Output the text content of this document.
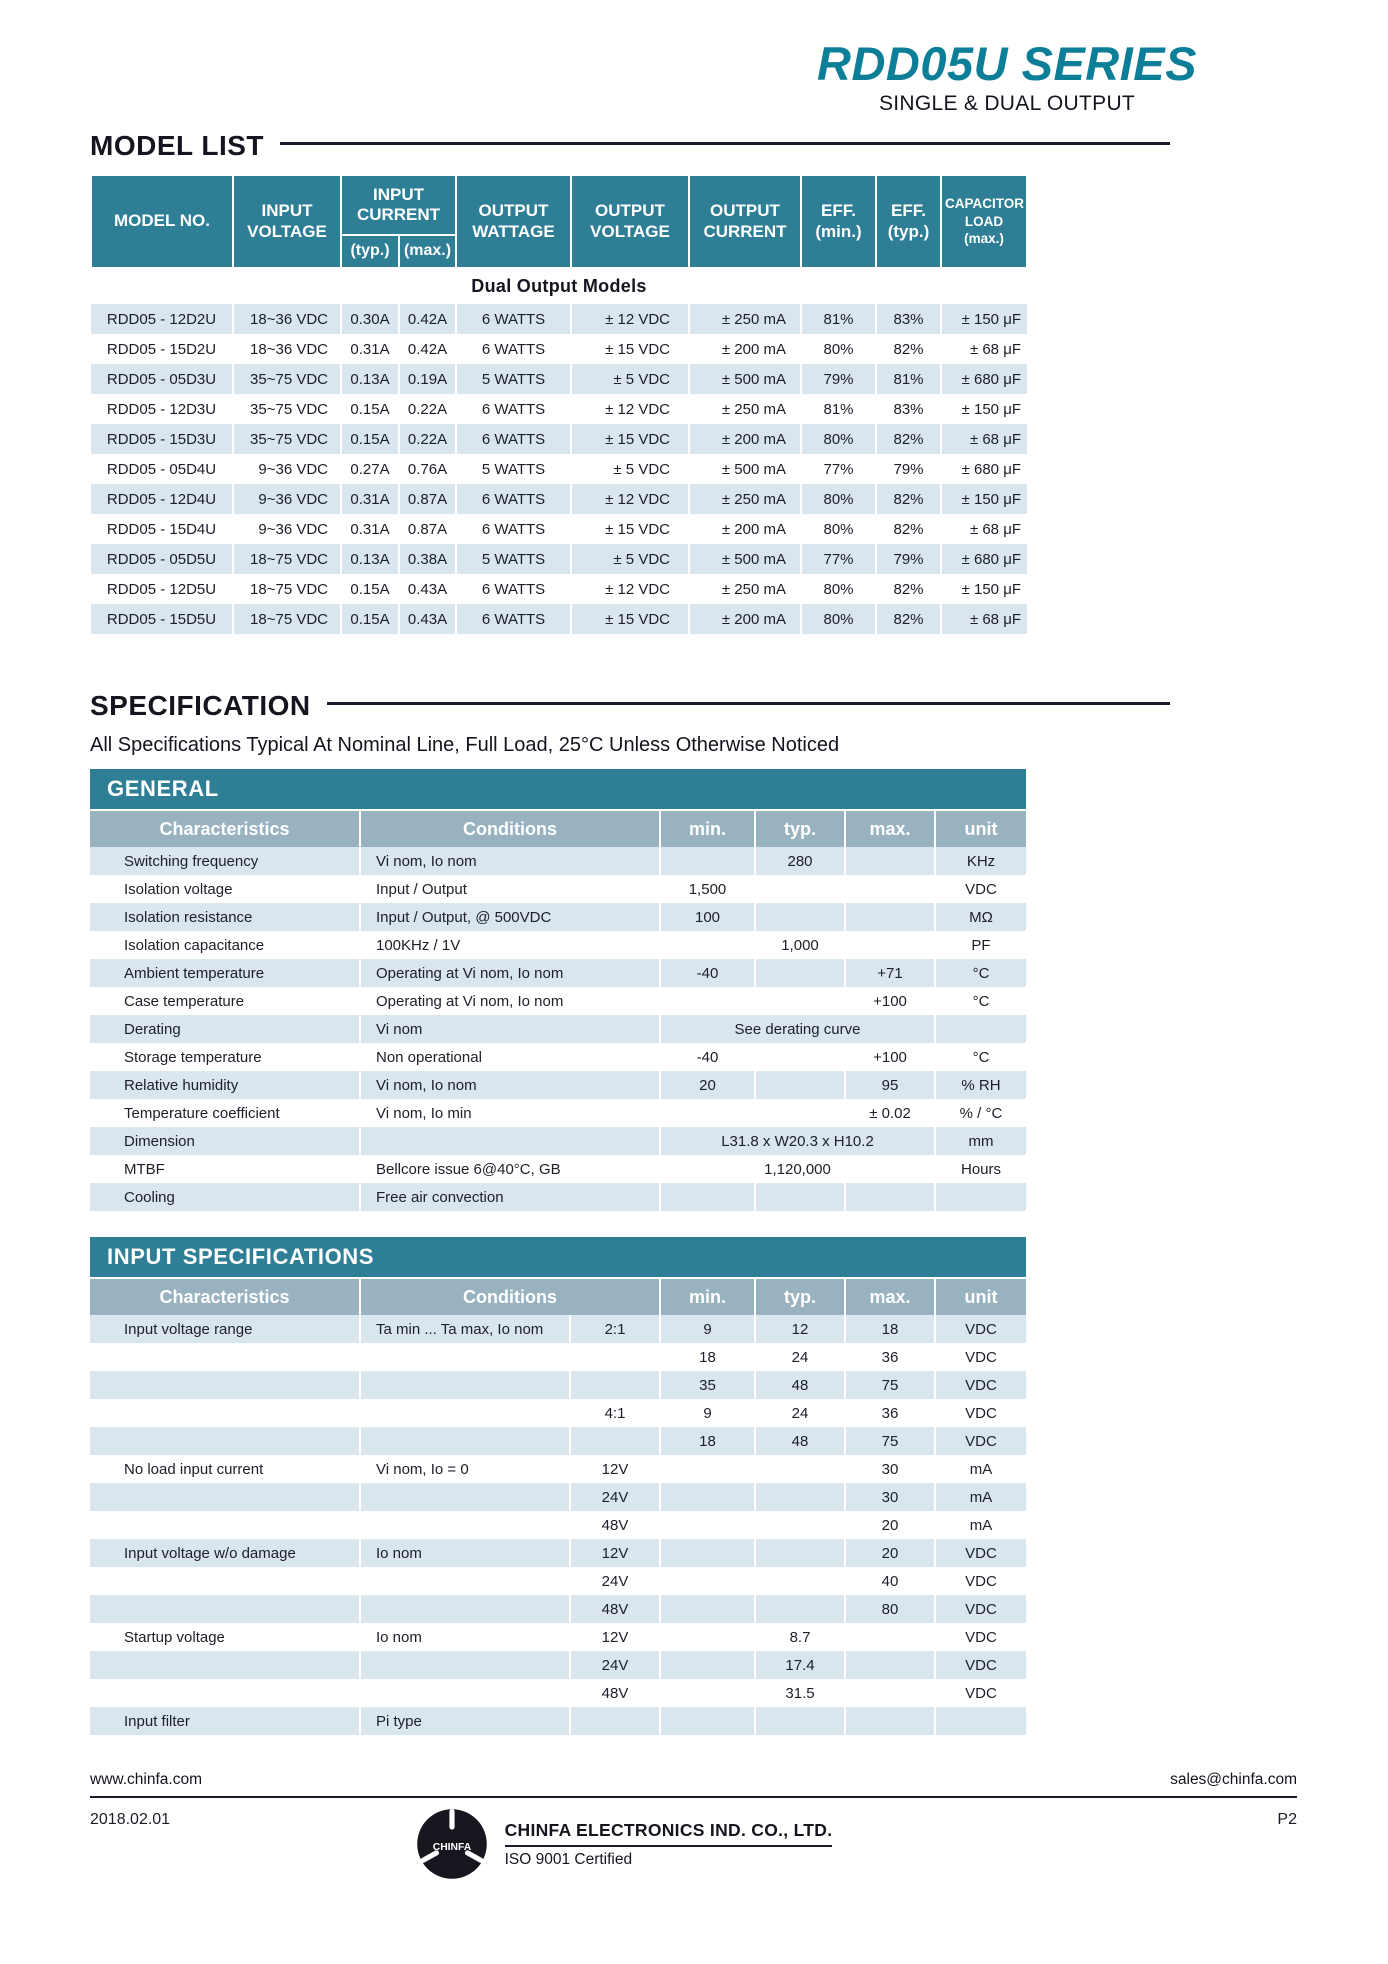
RDD05U SERIES
SINGLE & DUAL OUTPUT
MODEL LIST
MODEL NO.	INPUT VOLTAGE	INPUT CURRENT		OUTPUT WATTAGE	OUTPUT VOLTAGE	OUTPUT CURRENT	EFF. (min.)	EFF. (typ.)	CAPACITOR LOAD (max.)
		(typ.)	(max.)						
Dual Output Models									
RDD05 - 12D2U	18~36 VDC	0.30A	0.42A	6 WATTS	± 12 VDC	± 250 mA	81%	83%	± 150 μF
RDD05 - 15D2U	18~36 VDC	0.31A	0.42A	6 WATTS	± 15 VDC	± 200 mA	80%	82%	± 68 μF
RDD05 - 05D3U	35~75 VDC	0.13A	0.19A	5 WATTS	± 5 VDC	± 500 mA	79%	81%	± 680 μF
RDD05 - 12D3U	35~75 VDC	0.15A	0.22A	6 WATTS	± 12 VDC	± 250 mA	81%	83%	± 150 μF
RDD05 - 15D3U	35~75 VDC	0.15A	0.22A	6 WATTS	± 15 VDC	± 200 mA	80%	82%	± 68 μF
RDD05 - 05D4U	9~36 VDC	0.27A	0.76A	5 WATTS	± 5 VDC	± 500 mA	77%	79%	± 680 μF
RDD05 - 12D4U	9~36 VDC	0.31A	0.87A	6 WATTS	± 12 VDC	± 250 mA	80%	82%	± 150 μF
RDD05 - 15D4U	9~36 VDC	0.31A	0.87A	6 WATTS	± 15 VDC	± 200 mA	80%	82%	± 68 μF
RDD05 - 05D5U	18~75 VDC	0.13A	0.38A	5 WATTS	± 5 VDC	± 500 mA	77%	79%	± 680 μF
RDD05 - 12D5U	18~75 VDC	0.15A	0.43A	6 WATTS	± 12 VDC	± 250 mA	80%	82%	± 150 μF
RDD05 - 15D5U	18~75 VDC	0.15A	0.43A	6 WATTS	± 15 VDC	± 200 mA	80%	82%	± 68 μF
SPECIFICATION
All Specifications Typical At Nominal Line, Full Load, 25°C Unless Otherwise Noticed
GENERAL
Characteristics	Conditions	min.	typ.	max.	unit
Switching frequency	Vi nom, Io nom		280		KHz
Isolation voltage	Input / Output	1,500			VDC
Isolation resistance	Input / Output, @ 500VDC	100			MΩ
Isolation capacitance	100KHz / 1V		1,000		PF
Ambient temperature	Operating at Vi nom, Io nom	-40		+71	°C
Case temperature	Operating at Vi nom, Io nom			+100	°C
Derating	Vi nom	See derating curve			
Storage temperature	Non operational	-40		+100	°C
Relative humidity	Vi nom, Io nom	20		95	% RH
Temperature coefficient	Vi nom, Io min			± 0.02	% / °C
Dimension		L31.8 x W20.3 x H10.2			mm
MTBF	Bellcore issue 6@40°C, GB	1,120,000			Hours
Cooling	Free air convection				
INPUT SPECIFICATIONS
Characteristics	Conditions		min.	typ.	max.	unit
Input voltage range	Ta min ... Ta max, Io nom	2:1	9	12	18	VDC
			18	24	36	VDC
			35	48	75	VDC
		4:1	9	24	36	VDC
			18	48	75	VDC
No load input current	Vi nom, Io = 0	12V			30	mA
		24V			30	mA
		48V			20	mA
Input voltage w/o damage	Io nom	12V			20	VDC
		24V			40	VDC
		48V			80	VDC
Startup voltage	Io nom	12V		8.7		VDC
		24V		17.4		VDC
		48V		31.5		VDC
Input filter	Pi type					
www.chinfa.com	sales@chinfa.com
2018.02.01
CHINFA
CHINFA ELECTRONICS IND. CO., LTD.
ISO 9001 Certified
P2
